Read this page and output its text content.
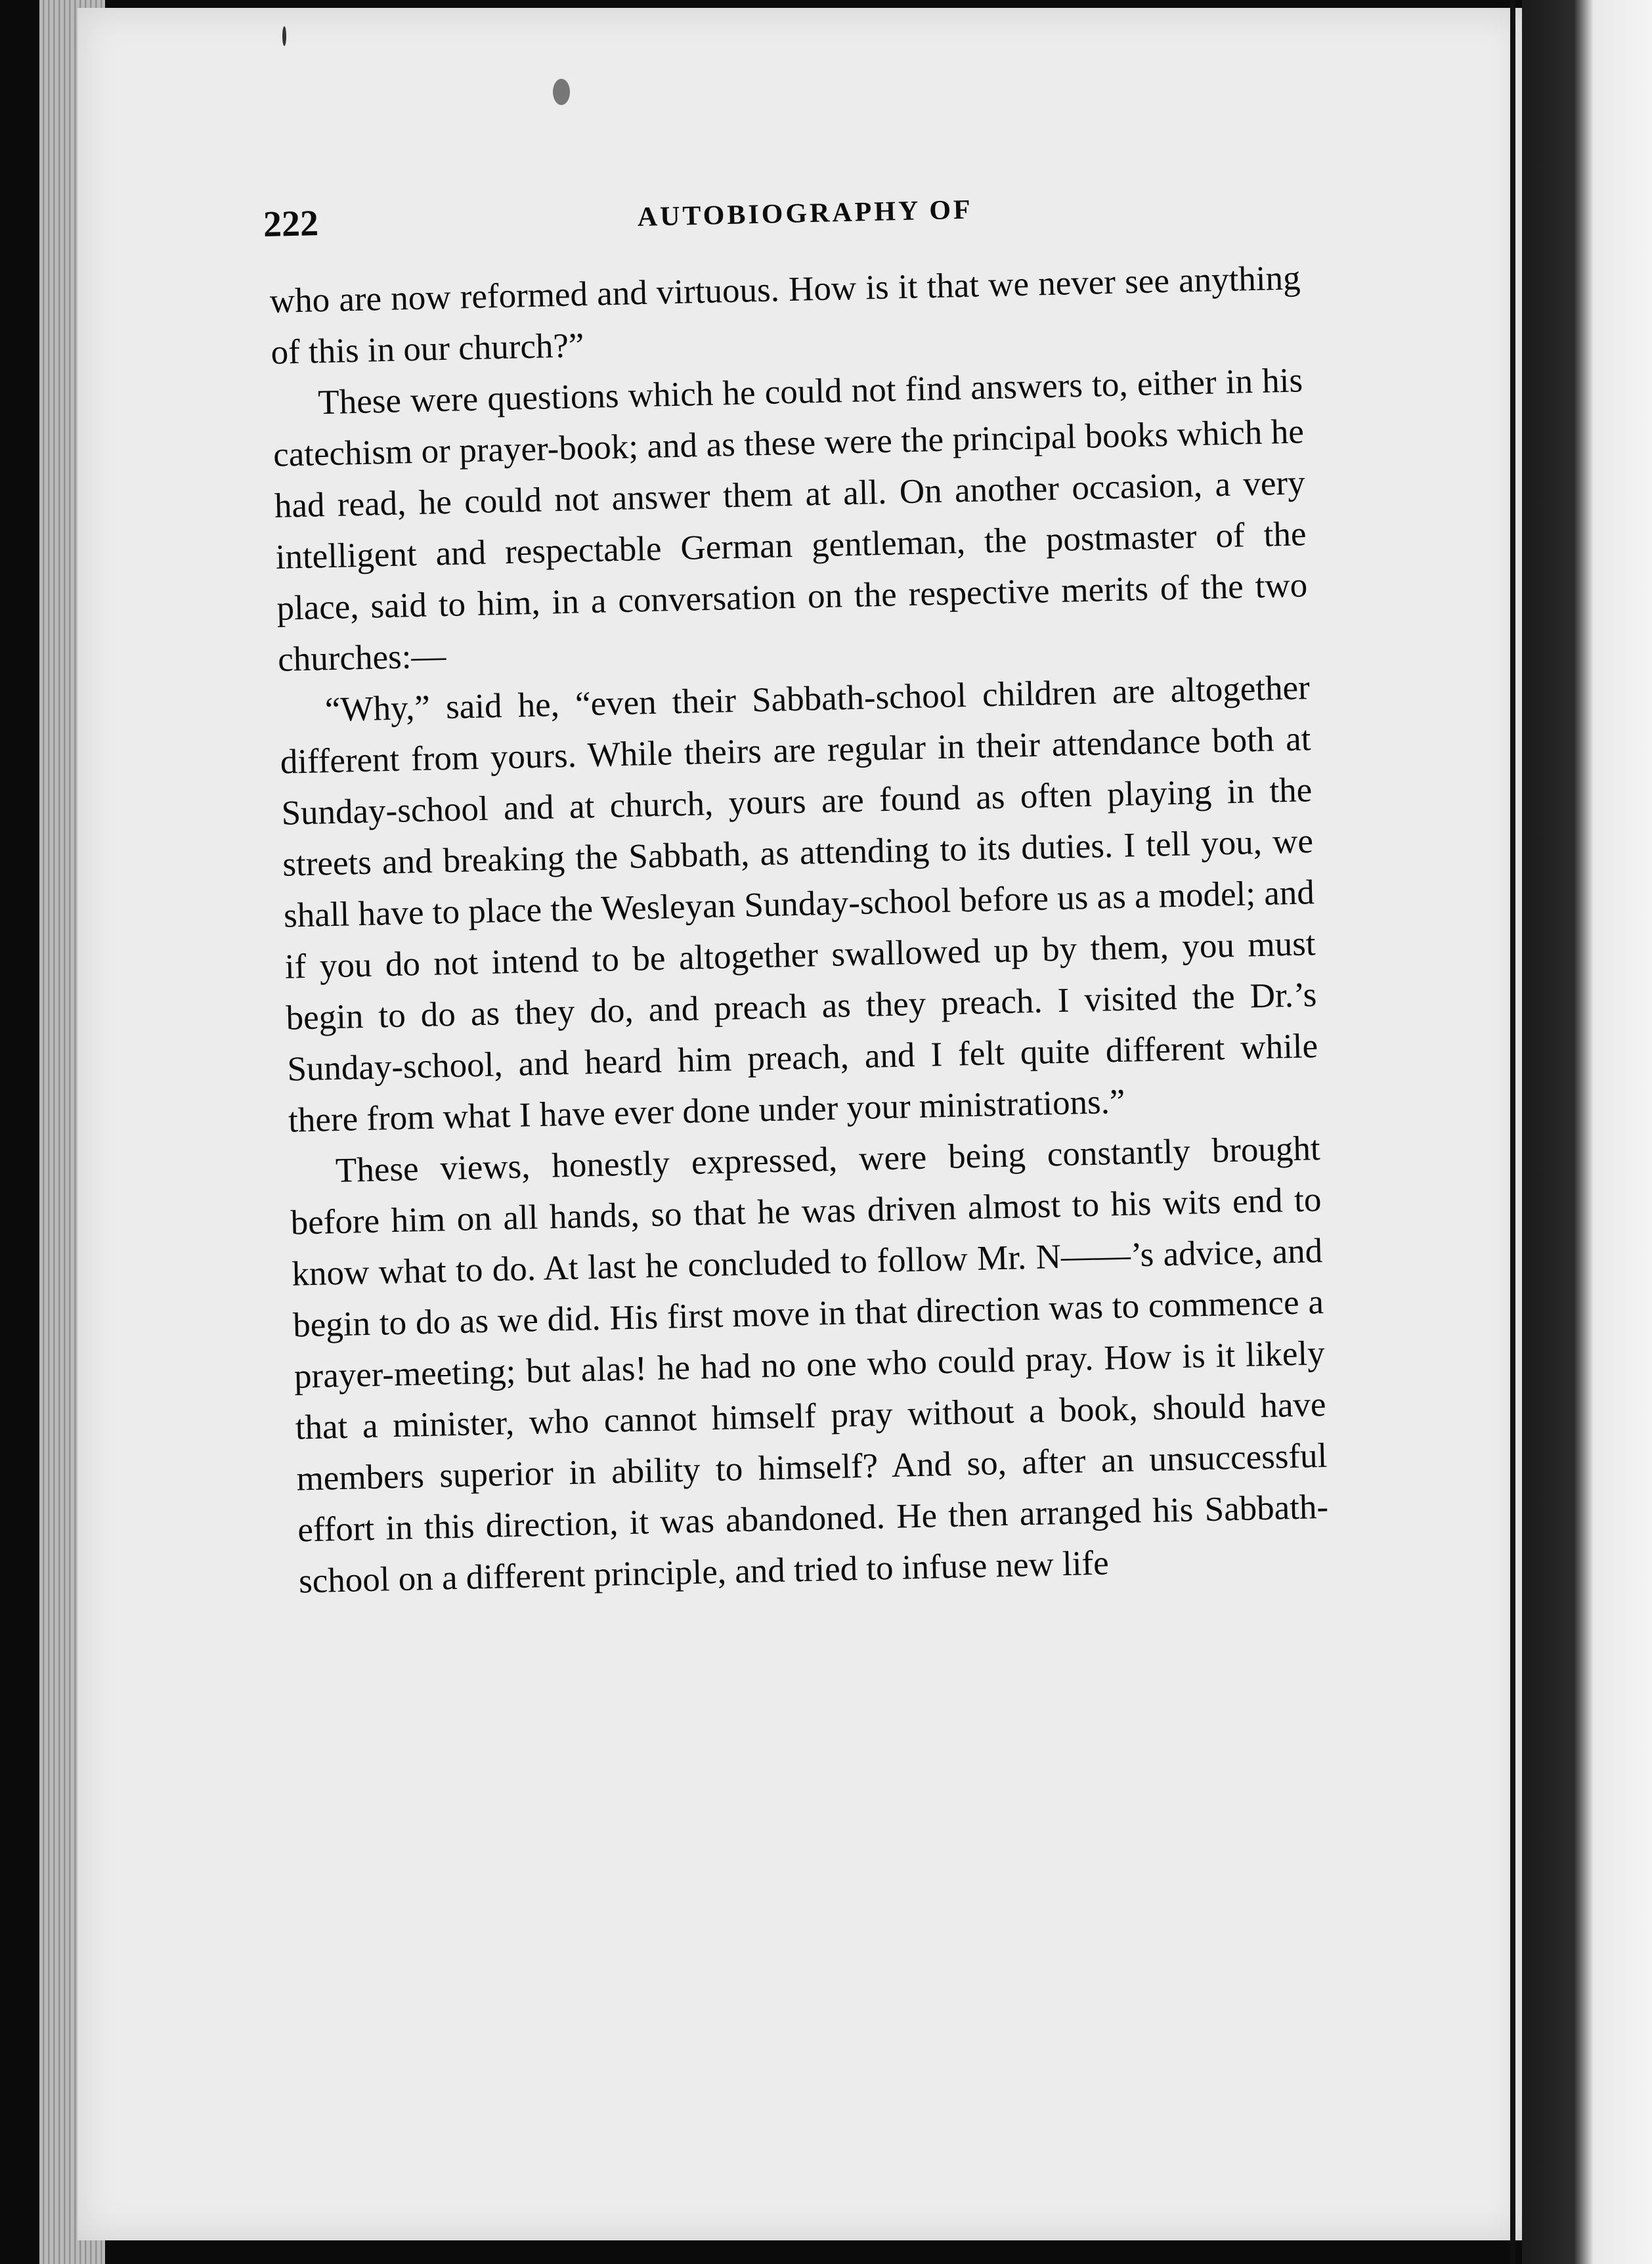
222	AUTOBIOGRAPHY OF

who are now reformed and virtuous. How is it that we never see anything of this in our church?”

These were questions which he could not find answers to, either in his catechism or prayer-book; and as these were the principal books which he had read, he could not answer them at all. On another occasion, a very intelligent and respectable German gentleman, the postmaster of the place, said to him, in a conversation on the respective merits of the two churches:—

“Why,” said he, “even their Sabbath-school children are altogether different from yours. While theirs are regular in their attendance both at Sunday-school and at church, yours are found as often playing in the streets and breaking the Sabbath, as attending to its duties. I tell you, we shall have to place the Wesleyan Sunday-school before us as a model; and if you do not intend to be altogether swallowed up by them, you must begin to do as they do, and preach as they preach. I visited the Dr.’s Sunday-school, and heard him preach, and I felt quite different while there from what I have ever done under your ministrations.”

These views, honestly expressed, were being constantly brought before him on all hands, so that he was driven almost to his wits end to know what to do. At last he concluded to follow Mr. N——’s advice, and begin to do as we did. His first move in that direction was to commence a prayer-meeting; but alas! he had no one who could pray. How is it likely that a minister, who cannot himself pray without a book, should have members superior in ability to himself? And so, after an unsuccessful effort in this direction, it was abandoned. He then arranged his Sabbath-school on a different principle, and tried to infuse new life
